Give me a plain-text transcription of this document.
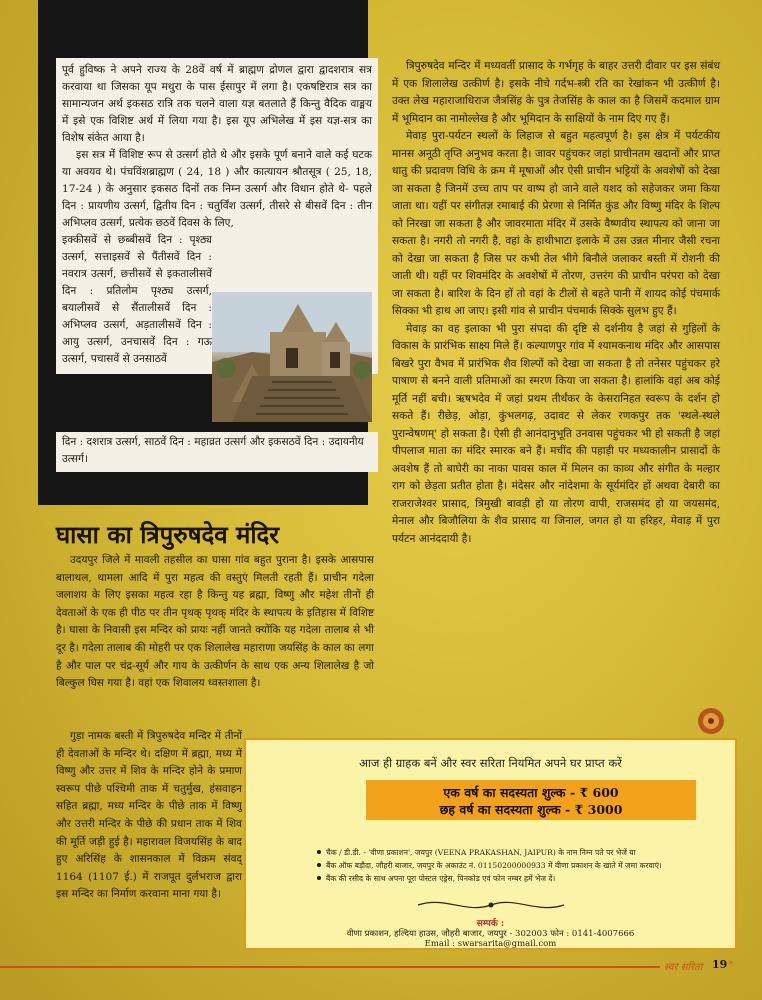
पूर्व हुविष्क ने अपने राज्य के 28वें वर्ष में ब्राह्मण द्रोणल द्वारा द्वादशरात्र सत्र करवाया था जिसका यूप मथुरा के पास ईसापुर में लगा है। एकषष्टिरात्र सत्र का सामान्यजन अर्थ इकसठ रात्रि तक चलने वाला यज्ञ बतलाते हैं किन्तु वैदिक वाङ्मय में इसे एक विशिष्ट अर्थ में लिया गया है। इस यूप अभिलेख में इस यज्ञ-सत्र का विशेष संकेत आया है।

इस सत्र में विशिष्ट रूप से उत्सर्ग होते थे और इसके पूर्ण बनाने वाले कई घटक या अवयव थे। पंचविंशब्राह्मण ( 24, 18 ) और कात्यायन श्रौतसूत्र ( 25, 18, 17-24 ) के अनुसार इकसठ दिनों तक निम्न उत्सर्ग और विधान होते थे- पहले दिन : प्रायणीय उत्सर्ग, द्वितीय दिन : चतुर्विंश उत्सर्ग, तीसरे से बीसवें दिन : तीन अभिप्लव उत्सर्ग, प्रत्येक छठवें दिवस के लिए,

इक्कीसवें से छब्बीसवें दिन : पृश्ठ्य उत्सर्ग, सत्ताइसवें से पैंतीसवें दिन : नवरात्र उत्सर्ग, छत्तीसवें से इकतालीसवें दिन : प्रतिलोम पृश्ठ्य उत्सर्ग, बयालीसवें से सैंतालीसवें दिन : अभिप्लव उत्सर्ग, अड़तालीसवें दिन : आयु उत्सर्ग, उनचासवें दिन : गऊ उत्सर्ग, पचासवें से उनसाठवें

दिन : दशरात्र उत्सर्ग, साठवें दिन : महाव्रत उत्सर्ग और इकसठवें दिन : उदायनीय उत्सर्ग।

घासा का त्रिपुरुषदेव मंदिर

उदयपुर जिले में मावली तहसील का घासा गांव बहुत पुराना है। इसके आसपास बालाथल, थामला आदि में पुरा महत्व की वस्तुएं मिलती रहती हैं। प्राचीन गदेला जलाशय के लिए इसका महत्व रहा है किन्तु यह ब्रह्मा, विष्णु और महेश तीनों ही देवताओं के एक ही पीठ पर तीन पृथक् पृथक् मंदिर के स्थापत्य के इतिहास में विशिष्ट है। घासा के निवासी इस मन्दिर को प्रायः नहीं जानते क्योंकि यह गदेला तालाब से भी दूर है। गदेला तालाब की मोहरी पर एक शिलालेख महाराणा जयसिंह के काल का लगा है और पाल पर चंद्र-सूर्य और गाय के उत्कीर्णन के साथ एक अन्य शिलालेख है जो बिल्कुल घिस गया है। वहां एक शिवालय ध्वस्तशाला है।

गुड़ा नामक बस्ती में त्रिपुरुषदेव मन्दिर में तीनों ही देवताओं के मन्दिर थे। दक्षिण में ब्रह्मा, मध्य में विष्णु और उत्तर में शिव के मन्दिर होने के प्रमाण स्वरूप पीछे पश्चिमी ताक में चतुर्मुख, हंसवाहन सहित ब्रह्मा, मध्य मन्दिर के पीछे ताक में विष्णु और उत्तरी मन्दिर के पीछे की प्रधान ताक में शिव की मूर्ति जड़ी हुई है। महारावल विजयसिंह के बाद हुए अरिसिंह के शासनकाल में विक्रम संवद् 1164 (1107 ई.) में राजपूत दुर्लभराज द्वारा इस मन्दिर का निर्माण करवाना माना गया है।

त्रिपुरुषदेव मन्दिर में मध्यवर्ती प्रासाद के गर्भगृह के बाहर उत्तरी दीवार पर इस संबंध में एक शिलालेख उत्कीर्ण है। इसके नीचे गर्दभ-स्त्री रति का रेखांकन भी उत्कीर्ण है। उक्त लेख महाराजाधिराज जैत्रसिंह के पुत्र तेजसिंह के काल का है जिसमें कदमाल ग्राम में भूमिदान का नामोल्लेख है और भूमिदान के साक्षियों के नाम दिए गए हैं।

मेवाड़ पुरा-पर्यटन स्थलों के लिहाज से बहुत महत्वपूर्ण है। इस क्षेत्र में पर्यटकीय मानस अनूठी तृप्ति अनुभव करता है। जावर पहुंचकर जहां प्राचीनतम खदानों और प्राप्त धातु की प्रदावण विधि के क्रम में मूषाओं और ऐसी प्राचीन भट्टियों के अवशेषों को देखा जा सकता है जिनमें उच्च ताप पर वाष्प हो जाने वाले यशद को सहेजकर जमा किया जाता था। यहीं पर संगीतज्ञ रमाबाई की प्रेरणा से निर्मित कुंड और विष्णु मंदिर के शिल्प को निरखा जा सकता है और जावरमाता मंदिर में उसके वैष्णवीय स्थापत्य को जाना जा सकता है। नगरी तो नगरी है, वहां के हाथीभाटा इलाके में उस उन्नत मीनार जैसी रचना को देखा जा सकता है जिस पर कभी तेल भीगे बिनौले जलाकर बस्ती में रोशनी की जाती थी। यहीं पर शिवमंदिर के अवशेषों में तोरण, उत्तरंग की प्राचीन परंपरा को देखा जा सकता है। बारिश के दिन हों तो वहां के टीलों से बहते पानी में शायद कोई पंचमार्क सिक्का भी हाथ आ जाए। इसी गांव से प्राचीन पंचमार्क सिक्के सुलभ हुए हैं।

मेवाड़ का वह इलाका भी पुरा संपदा की दृष्टि से दर्शनीय है जहां से गुहिलों के विकास के प्रारंभिक साक्ष्य मिले हैं। कल्याणपुर गांव में श्यामकनाथ मंदिर और आसपास बिखरे पुरा वैभव में प्रारंभिक शैव शिल्पों को देखा जा सकता है तो तनेसर पहुंचकर हरे पाषाण से बनने वाली प्रतिमाओं का स्मरण किया जा सकता है। हालांकि वहां अब कोई मूर्ति नहीं बची। ऋषभदेव में जहां प्रथम तीर्थंकर के केसरानिहत स्वरूप के दर्शन हो सकते हैं। रीछेड़, ओड़ा, कुंभलगढ़, उदावट से लेकर रणकपुर तक 'स्थले-स्थले पुरान्वेषणम्' हो सकता है। ऐसी ही आनंदानुभूति उनवास पहुंचकर भी हो सकती है जहां पीपलाज माता का मंदिर स्मारक बने हैं। मचींद की पहाड़ी पर मध्यकालीन प्रासादों के अवशेष हैं तो बाघेरी का नाका पावस काल में मिलन का काव्य और संगीत के मल्हार राग को छेड़ता प्रतीत होता है। मंदेसर और नांदेशमा के सूर्यमंदिर हों अथवा देबारी का राजराजेश्वर प्रासाद, त्रिमुखी बावड़ी हो या तोरण वापी, राजसमंद हो या जयसमंद, मेनाल और बिजौलिया के शैव प्रासाद या जिनाल, जगत हो या हरिहर, मेवाड़ में पुरा पर्यटन आनंददायी है।

आज ही ग्राहक बनें और स्वर सरिता नियमित अपने घर प्राप्त करें

एक वर्ष का सदस्यता शुल्क - ₹ 600

छह वर्ष का सदस्यता शुल्क - ₹ 3000

चैक / डी.डी. - 'वीणा प्रकाशन', जयपुर (VEENA PRAKASHAN, JAIPUR) के नाम निम्न पते पर भेजें या
बैंक ऑफ बड़ौदा, जौहरी बाजार, जयपुर के अकाउंट नं. 01150200000933 में वीणा प्रकाशन के खाते में जमा करवाएं।
बैंक की रसीद के साथ अपना पूरा पोस्टल एड्रेस, पिनकोड एवं फोन नम्बर हमें भेज दें।

सम्पर्क :

वीणा प्रकाशन, हल्दिया हाउस, जौहरी बाजार, जयपुर - 302003 फोन : 0141-4007666

Email : swarsarita@gmail.com

स्वर सरिता 19 »
